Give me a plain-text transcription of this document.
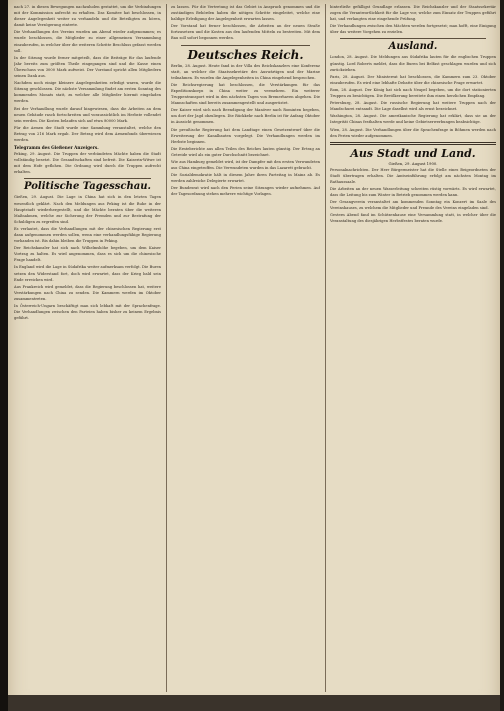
nach 27. in diesen Bewegungen nachzuholen gestattet, um die Verbindungen mit der Kommission aufrecht zu erhalten. Das Komitee hat beschlossen, in dieser Angelegenheit weiter zu verhandeln und die Beteiligten zu hören, damit keine Verzögerung eintrete.

Die Verhandlungen des Vereins wurden am Abend wieder aufgenommen; es wurde beschlossen, die Mitglieder zu einer allgemeinen Versammlung einzuberufen, in welcher über die weiteren Schritte Beschluss gefasst werden soll.

In der Sitzung wurde ferner mitgeteilt, dass die Beiträge für das laufende Jahr bereits zum größten Theile eingegangen sind und die Kasse einen Überschuss von 3000 Mark aufweist. Der Vorstand spricht allen Mitgliedern seinen Dank aus.

Nachdem noch einige kleinere Angelegenheiten erledigt waren, wurde die Sitzung geschlossen. Die nächste Versammlung findet am ersten Sonntag des kommenden Monats statt, zu welcher alle Mitglieder hiermit eingeladen werden.

Bei der Verhandlung wurde darauf hingewiesen, dass die Arbeiten an dem neuen Gebäude rasch fortschreiten und voraussichtlich im Herbste vollendet sein werden. Die Kosten belaufen sich auf etwa 80000 Mark.

Für die Armen der Stadt wurde eine Sammlung veranstaltet, welche den Betrag von 216 Mark ergab. Der Betrag wird dem Armenfonds überwiesen werden.

Telegramm des Gießener Anzeigers.

Peking, 29. August. Die Truppen der verbündeten Mächte haben die Stadt vollständig besetzt. Die Gesandtschaften sind befreit. Die Kaiserin-Witwe ist mit dem Hofe geflohen. Die Ordnung wird durch die Truppen aufrecht erhalten.

Politische Tagesschau.

Gießen, 29. August. Die Lage in China hat sich in den letzten Tagen wesentlich geklärt. Nach den Meldungen aus Peking ist die Ruhe in der Hauptstadt wiederhergestellt, und die Mächte beraten über die weiteren Maßnahmen, welche zur Sicherung der Fremden und zur Bestrafung der Schuldigen zu ergreifen sind.

Es verlautet, dass die Verhandlungen mit der chinesischen Regierung erst dann aufgenommen werden sollen, wenn eine verhandlungsfähige Regierung vorhanden ist. Bis dahin bleiben die Truppen in Peking.

Der Reichskanzler hat sich nach Wilhelmshöhe begeben, um dem Kaiser Vortrag zu halten. Es wird angenommen, dass es sich um die chinesische Frage handelt.

In England wird die Lage in Südafrika weiter aufmerksam verfolgt. Die Buren setzen den Widerstand fort, doch wird erwartet, dass der Krieg bald sein Ende erreichen wird.

Aus Frankreich wird gemeldet, dass die Regierung beschlossen hat, weitere Verstärkungen nach China zu senden. Die Kammern werden im Oktober zusammentreten.

In Österreich-Ungarn beschäftigt man sich lebhaft mit der Sprachenfrage. Die Verhandlungen zwischen den Parteien haben bisher zu keinem Ergebnis geführt.

zu lassen. Für die Vertretung ist das Gebiet in Anspruch genommen und die zuständigen Behörden haben die nötigen Schritte eingeleitet, welche eine baldige Erledigung der Angelegenheit erwarten lassen.

Der Vorstand hat ferner beschlossen, die Arbeiten an der neuen Straße fortzusetzen und die Kosten aus den laufenden Mitteln zu bestreiten. Mit dem Bau soll sofort begonnen werden.

Deutsches Reich.

Berlin, 28. August. Heute fand in der Villa des Reichskanzlers eine Konferenz statt, an welcher die Staatssekretäre des Auswärtigen und der Marine teilnahmen. Es wurden die Angelegenheiten in China eingehend besprochen.

Die Reichsregierung hat beschlossen, die Verstärkungen für das Expeditionskorps in China weiter zu vermehren. Ein weiterer Truppentransport wird in den nächsten Tagen von Bremerhaven abgehen. Die Mannschaften sind bereits zusammengestellt und ausgerüstet.

Der Kaiser wird sich nach Beendigung der Manöver nach Rominten begeben, um dort der Jagd obzuliegen. Die Rückkehr nach Berlin ist für Anfang Oktober in Aussicht genommen.

Die preußische Regierung hat dem Landtage einen Gesetzentwurf über die Erweiterung der Kanalbauten vorgelegt. Die Verhandlungen werden im Herbste beginnen.

Die Ernteberichte aus allen Teilen des Reiches lauten günstig. Der Ertrag an Getreide wird als ein guter Durchschnitt bezeichnet.

Wie aus Hamburg gemeldet wird, ist der Dampfer mit den ersten Verwundeten aus China eingetroffen. Die Verwundeten wurden in das Lazarett gebracht.

Die Sozialdemokratie hält in diesem Jahre ihren Parteitag in Mainz ab. Es werden zahlreiche Delegierte erwartet.

Der Bundesrat wird nach den Ferien seine Sitzungen wieder aufnehmen. Auf der Tagesordnung stehen mehrere wichtige Vorlagen.

hinterließe gefälligst Grundlage erlassen. Die Reichskanzler und der Staatssekretär zogen die Verantwortlichkeit für die Lage vor, welche zum Einsatz der Truppen geführt hat, und verlangten eine eingehende Prüfung.

Die Verhandlungen zwischen den Mächten werden fortgesetzt; man hofft, eine Einigung über das weitere Vorgehen zu erzielen.

Ausland.

London, 28. August. Die Meldungen aus Südafrika lauten für die englischen Truppen günstig. Lord Roberts meldet, dass die Buren bei Belfast geschlagen wurden und sich zurückziehen.

Paris, 28. August. Der Ministerrat hat beschlossen, die Kammern zum 23. Oktober einzuberufen. Es wird eine lebhafte Debatte über die chinesische Frage erwartet.

Rom, 28. August. Der König hat sich nach Neapel begeben, um die dort stationierten Truppen zu besichtigen. Die Bevölkerung bereitete ihm einen herzlichen Empfang.

Petersburg, 28. August. Die russische Regierung hat weitere Truppen nach der Mandschurei entsandt. Die Lage daselbst wird als ernst bezeichnet.

Washington, 28. August. Die amerikanische Regierung hat erklärt, dass sie an der Integrität Chinas festhalten werde und keine Gebietserwerbungen beabsichtige.

Wien, 28. August. Die Verhandlungen über die Sprachenfrage in Böhmen werden nach den Ferien wieder aufgenommen.

Aus Stadt und Land.

Gießen, 29. August 1900.

Personalnachrichten. Der Herr Bürgermeister hat die Stelle eines Beigeordneten der Stadt übertragen erhalten. Die Amtseinführung erfolgt am nächsten Montag im Rathaussaale.

Die Arbeiten an der neuen Wasserleitung schreiten rüstig vorwärts. Es wird erwartet, dass die Leitung bis zum Winter in Betrieb genommen werden kann.

Der Gesangverein veranstaltet am kommenden Sonntag ein Konzert im Saale des Vereinshauses, zu welchem die Mitglieder und Freunde des Vereins eingeladen sind.

Gestern Abend fand im Schützenhause eine Versammlung statt, in welcher über die Veranstaltung des diesjährigen Herbstfestes beraten wurde.
